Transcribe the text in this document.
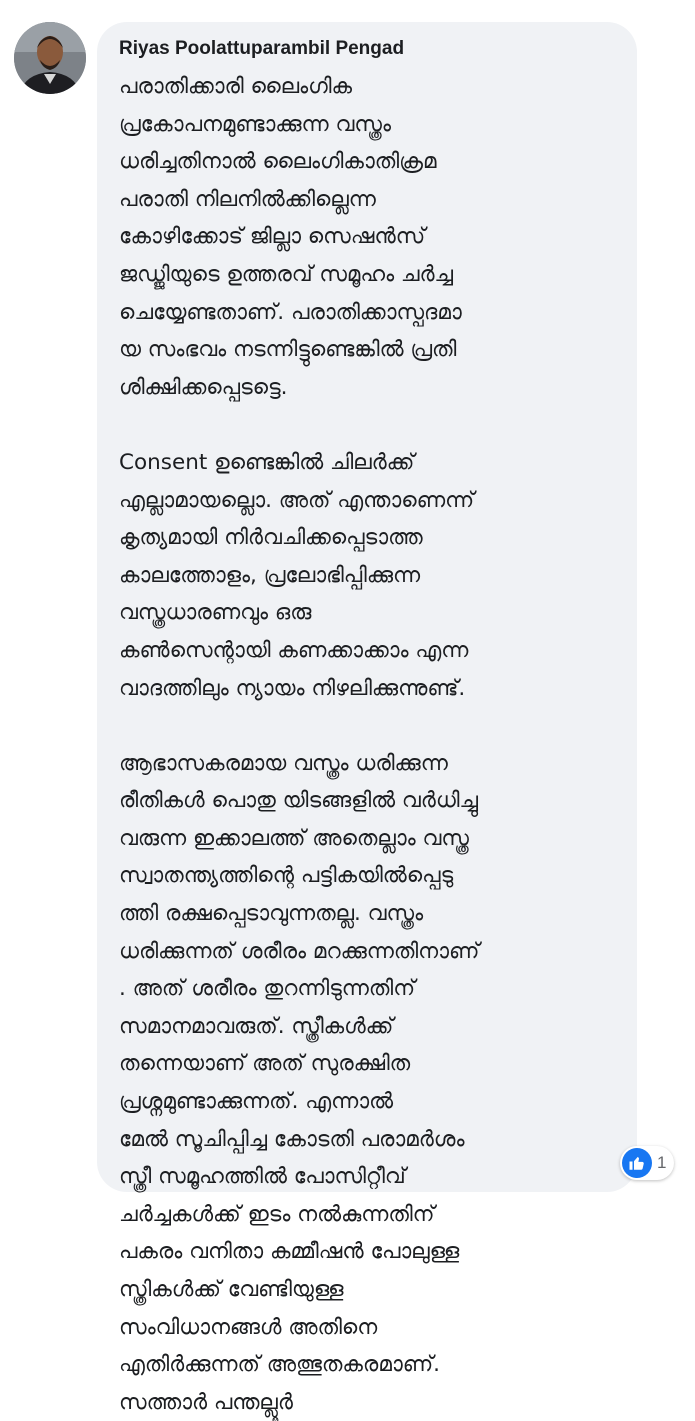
Riyas Poolattuparambil Pengad
പരാതിക്കാരി ലൈംഗിക
പ്രകോപനമുണ്ടാക്കുന്ന വസ്ത്രം
ധരിച്ചതിനാൽ ലൈംഗികാതിക്രമ
പരാതി നിലനിൽക്കില്ലെന്ന
കോഴിക്കോട് ജില്ലാ സെഷൻസ്
ജഡ്ജിയുടെ ഉത്തരവ് സമൂഹം ചർച്ച
ചെയ്യേണ്ടതാണ്. പരാതിക്കാസ്പദമാ
യ സംഭവം നടന്നിട്ടുണ്ടെങ്കിൽ പ്രതി
ശിക്ഷിക്കപ്പെടട്ടെ.
Consent ഉണ്ടെങ്കിൽ ചിലർക്ക്
എല്ലാമായല്ലൊ. അത് എന്താണെന്ന്
കൃത്യമായി നിർവചിക്കപ്പെടാത്ത
കാലത്തോളം, പ്രലോഭിപ്പിക്കുന്ന
വസ്ത്രധാരണവും ഒരു
കൺസെന്റായി കണക്കാക്കാം എന്ന
വാദത്തിലും ന്യായം നിഴലിക്കുന്നുണ്ട്.
ആഭാസകരമായ വസ്ത്രം ധരിക്കുന്ന
രീതികൾ പൊതു യിടങ്ങളിൽ വർധിച്ചു
വരുന്ന ഇക്കാലത്ത് അതെല്ലാം വസ്ത്ര
സ്വാതന്ത്യത്തിന്റെ പട്ടികയിൽപ്പെടു
ത്തി രക്ഷപ്പെടാവുന്നതല്ല. വസ്ത്രം
ധരിക്കുന്നത് ശരീരം മറക്കുന്നതിനാണ്
. അത് ശരീരം തുറന്നിടുന്നതിന്
സമാനമാവരുത്. സ്ത്രീകൾക്ക്
തന്നെയാണ് അത് സുരക്ഷിത
പ്രശ്നമുണ്ടാക്കുന്നത്. എന്നാൽ
മേൽ സൂചിപ്പിച്ച കോടതി പരാമർശം
സ്ത്രീ സമൂഹത്തിൽ പോസിറ്റീവ്
ചർച്ചകൾക്ക് ഇടം നൽകുന്നതിന്
പകരം വനിതാ കമ്മീഷൻ പോലുള്ള
സ്ത്രികൾക്ക് വേണ്ടിയുള്ള
സംവിധാനങ്ങൾ അതിനെ
എതിർക്കുന്നത് അത്ഭുതകരമാണ്.
സത്താർ പന്തല്ലൂർ
1
